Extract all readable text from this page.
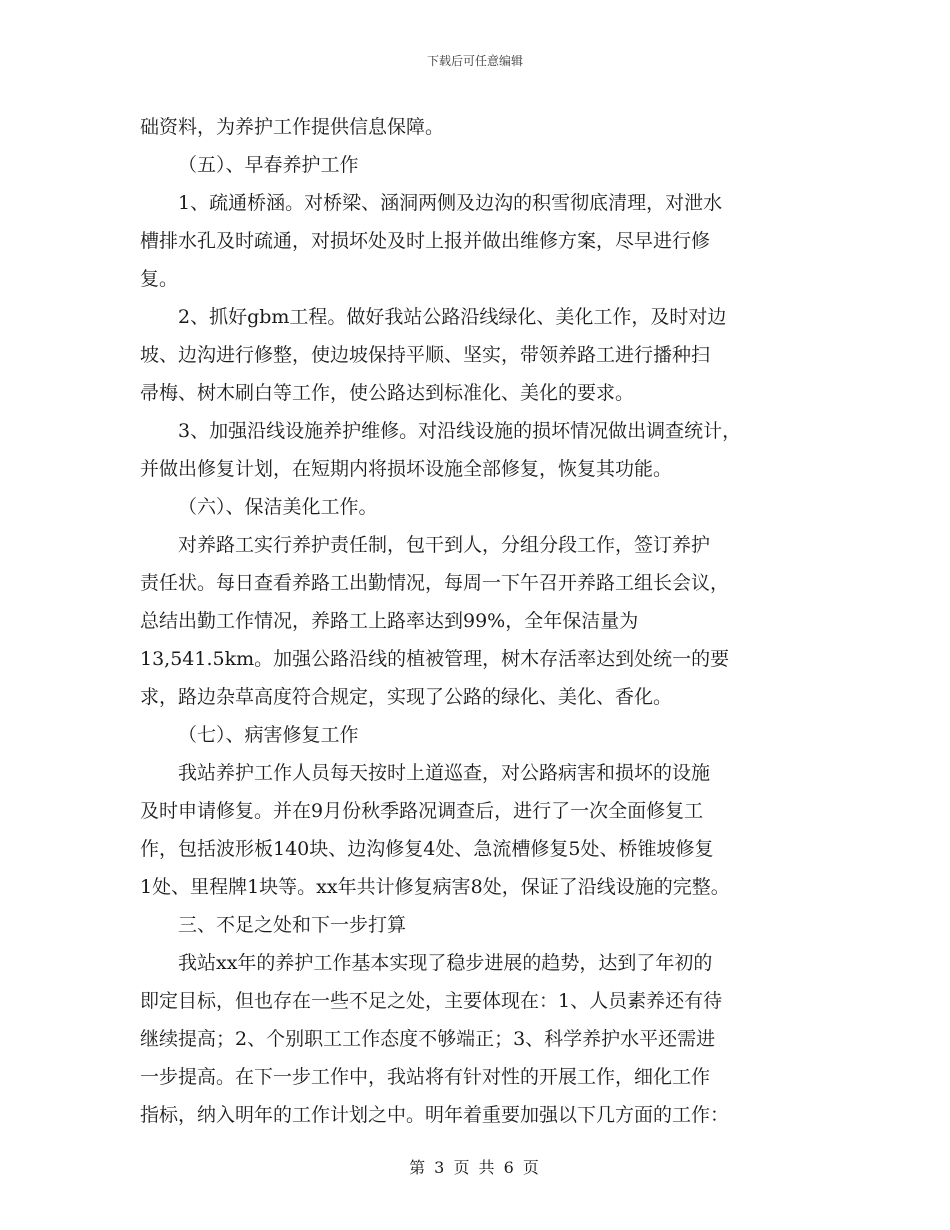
下载后可任意编辑
础资料，为养护工作提供信息保障。
（五）、早春养护工作
1、疏通桥涵。对桥梁、涵洞两侧及边沟的积雪彻底清理，对泄水
槽排水孔及时疏通，对损坏处及时上报并做出维修方案，尽早进行修
复。
2、抓好gbm工程。做好我站公路沿线绿化、美化工作，及时对边
坡、边沟进行修整，使边坡保持平顺、坚实，带领养路工进行播种扫
帚梅、树木刷白等工作，使公路达到标准化、美化的要求。
3、加强沿线设施养护维修。对沿线设施的损坏情况做出调查统计，
并做出修复计划，在短期内将损坏设施全部修复，恢复其功能。
（六）、保洁美化工作。
对养路工实行养护责任制，包干到人，分组分段工作，签订养护
责任状。每日查看养路工出勤情况，每周一下午召开养路工组长会议，
总结出勤工作情况，养路工上路率达到99%，全年保洁量为
13,541.5km。加强公路沿线的植被管理，树木存活率达到处统一的要
求，路边杂草高度符合规定，实现了公路的绿化、美化、香化。
（七）、病害修复工作
我站养护工作人员每天按时上道巡查，对公路病害和损坏的设施
及时申请修复。并在9月份秋季路况调查后，进行了一次全面修复工
作，包括波形板140块、边沟修复4处、急流槽修复5处、桥锥坡修复
1处、里程牌1块等。xx年共计修复病害8处，保证了沿线设施的完整。
三、不足之处和下一步打算
我站xx年的养护工作基本实现了稳步进展的趋势，达到了年初的
即定目标，但也存在一些不足之处，主要体现在：1、人员素养还有待
继续提高；2、个别职工工作态度不够端正；3、科学养护水平还需进
一步提高。在下一步工作中，我站将有针对性的开展工作，细化工作
指标，纳入明年的工作计划之中。明年着重要加强以下几方面的工作：
第 3 页 共 6 页
